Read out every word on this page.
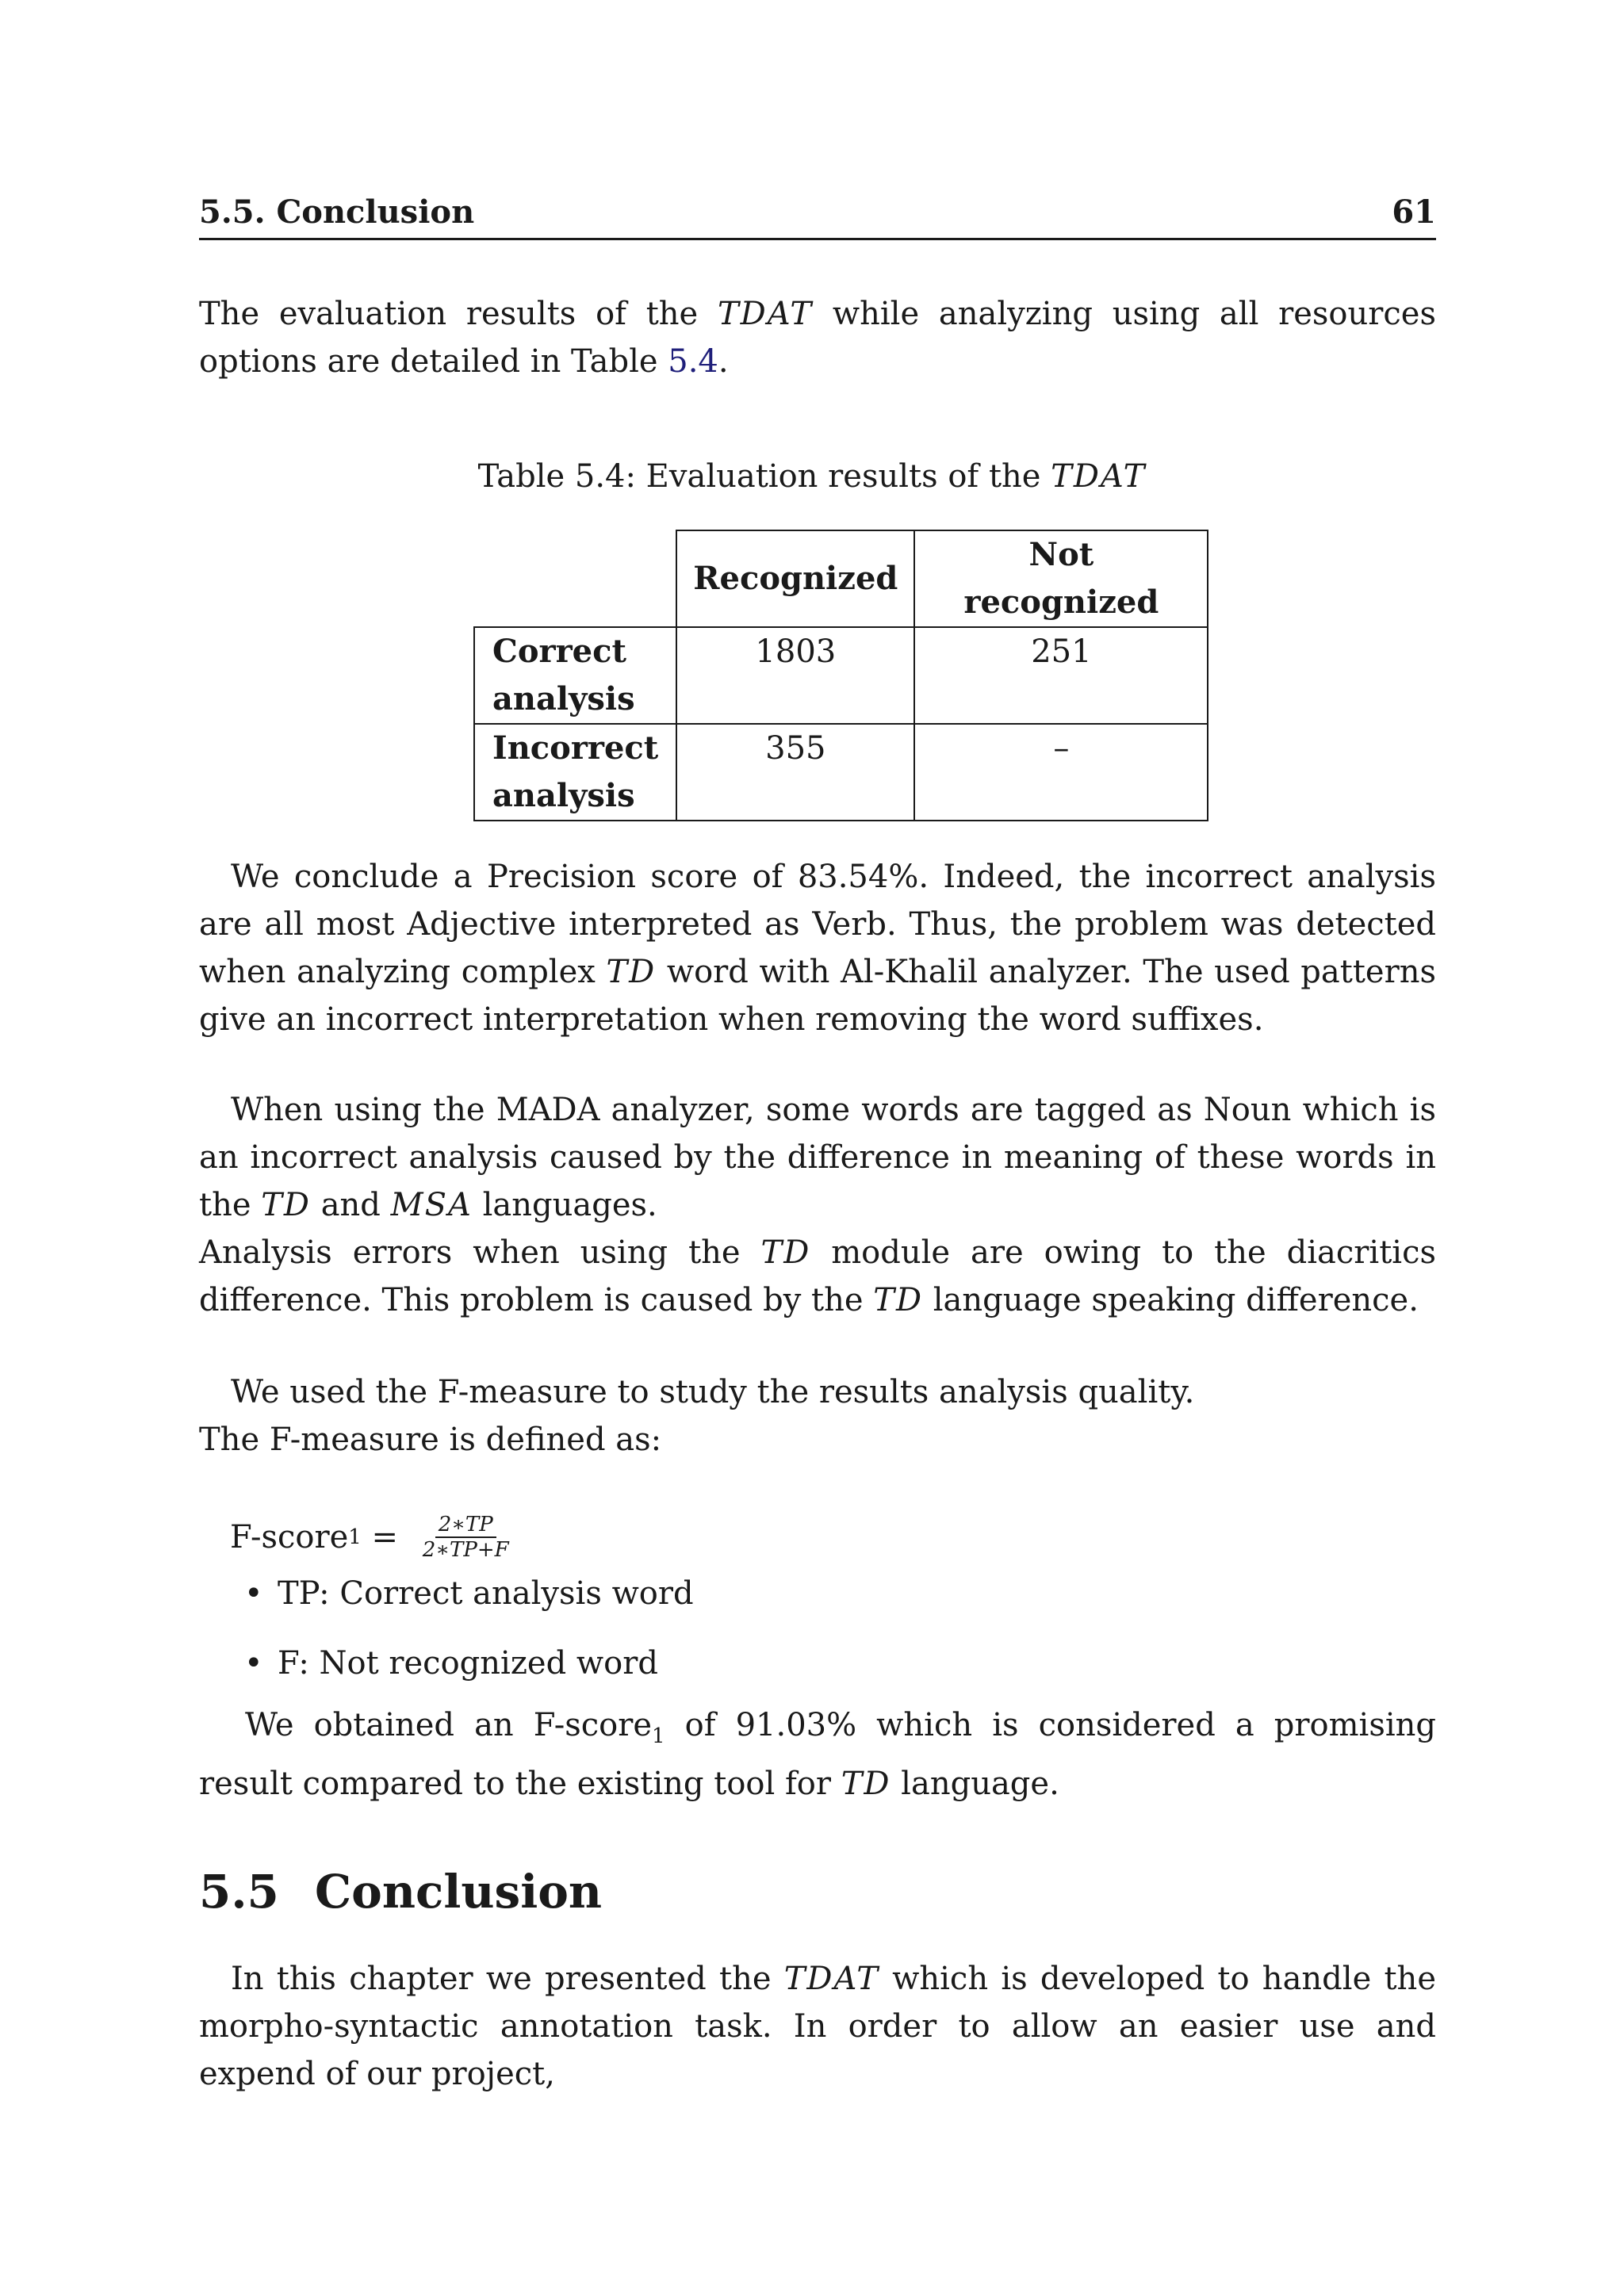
5.5. Conclusion	61

The evaluation results of the TDAT while analyzing using all resources options are detailed in Table 5.4.

Table 5.4: Evaluation results of the TDAT
	Recognized	Not recognized
Correct
analysis	1803	251
Incorrect
analysis	355	–

We conclude a Precision score of 83.54%. Indeed, the incorrect analysis are all most Adjective interpreted as Verb. Thus, the problem was detected when analyzing complex TD word with Al-Khalil analyzer. The used patterns give an incorrect interpretation when removing the word suffixes.

When using the MADA analyzer, some words are tagged as Noun which is an incorrect analysis caused by the difference in meaning of these words in the TD and MSA languages.

Analysis errors when using the TD module are owing to the diacritics difference. This problem is caused by the TD language speaking difference.

We used the F-measure to study the results analysis quality.

The F-measure is defined as:

F-score $1 = \frac{2∗TP}{2∗TP+F}$
• TP: Correct analysis word
• F: Not recognized word

We obtained an F-score$_1$ of 91.03% which is considered a promising result compared to the existing tool for TD language.

5.5 Conclusion

In this chapter we presented the TDAT which is developed to handle the morpho-syntactic annotation task. In order to allow an easier use and expend of our project,
